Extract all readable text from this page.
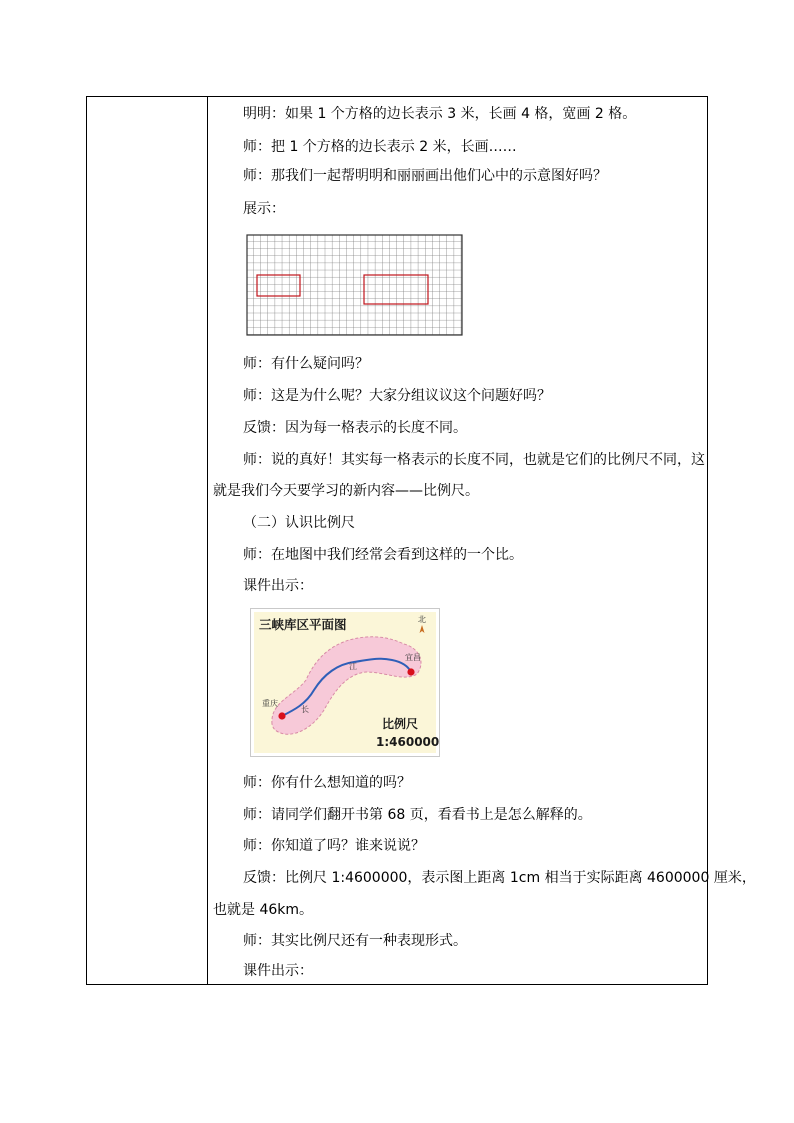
明明：如果 1 个方格的边长表示 3 米，长画 4 格，宽画 2 格。
师：把 1 个方格的边长表示 2 米，长画……
师：那我们一起帮明明和丽丽画出他们心中的示意图好吗？
展示：
师：有什么疑问吗？
师：这是为什么呢？大家分组议议这个问题好吗？
反馈：因为每一格表示的长度不同。
师：说的真好！其实每一格表示的长度不同，也就是它们的比例尺不同，这
就是我们今天要学习的新内容——比例尺。
（二）认识比例尺
师：在地图中我们经常会看到这样的一个比。
课件出示：
三峡库区平面图	北
宜昌
重庆
江
长
比例尺
1:460000
师：你有什么想知道的吗？
师：请同学们翻开书第 68 页，看看书上是怎么解释的。
师：你知道了吗？谁来说说？
反馈：比例尺 1:4600000，表示图上距离 1cm 相当于实际距离 4600000 厘米，
也就是 46km。
师：其实比例尺还有一种表现形式。
课件出示：
